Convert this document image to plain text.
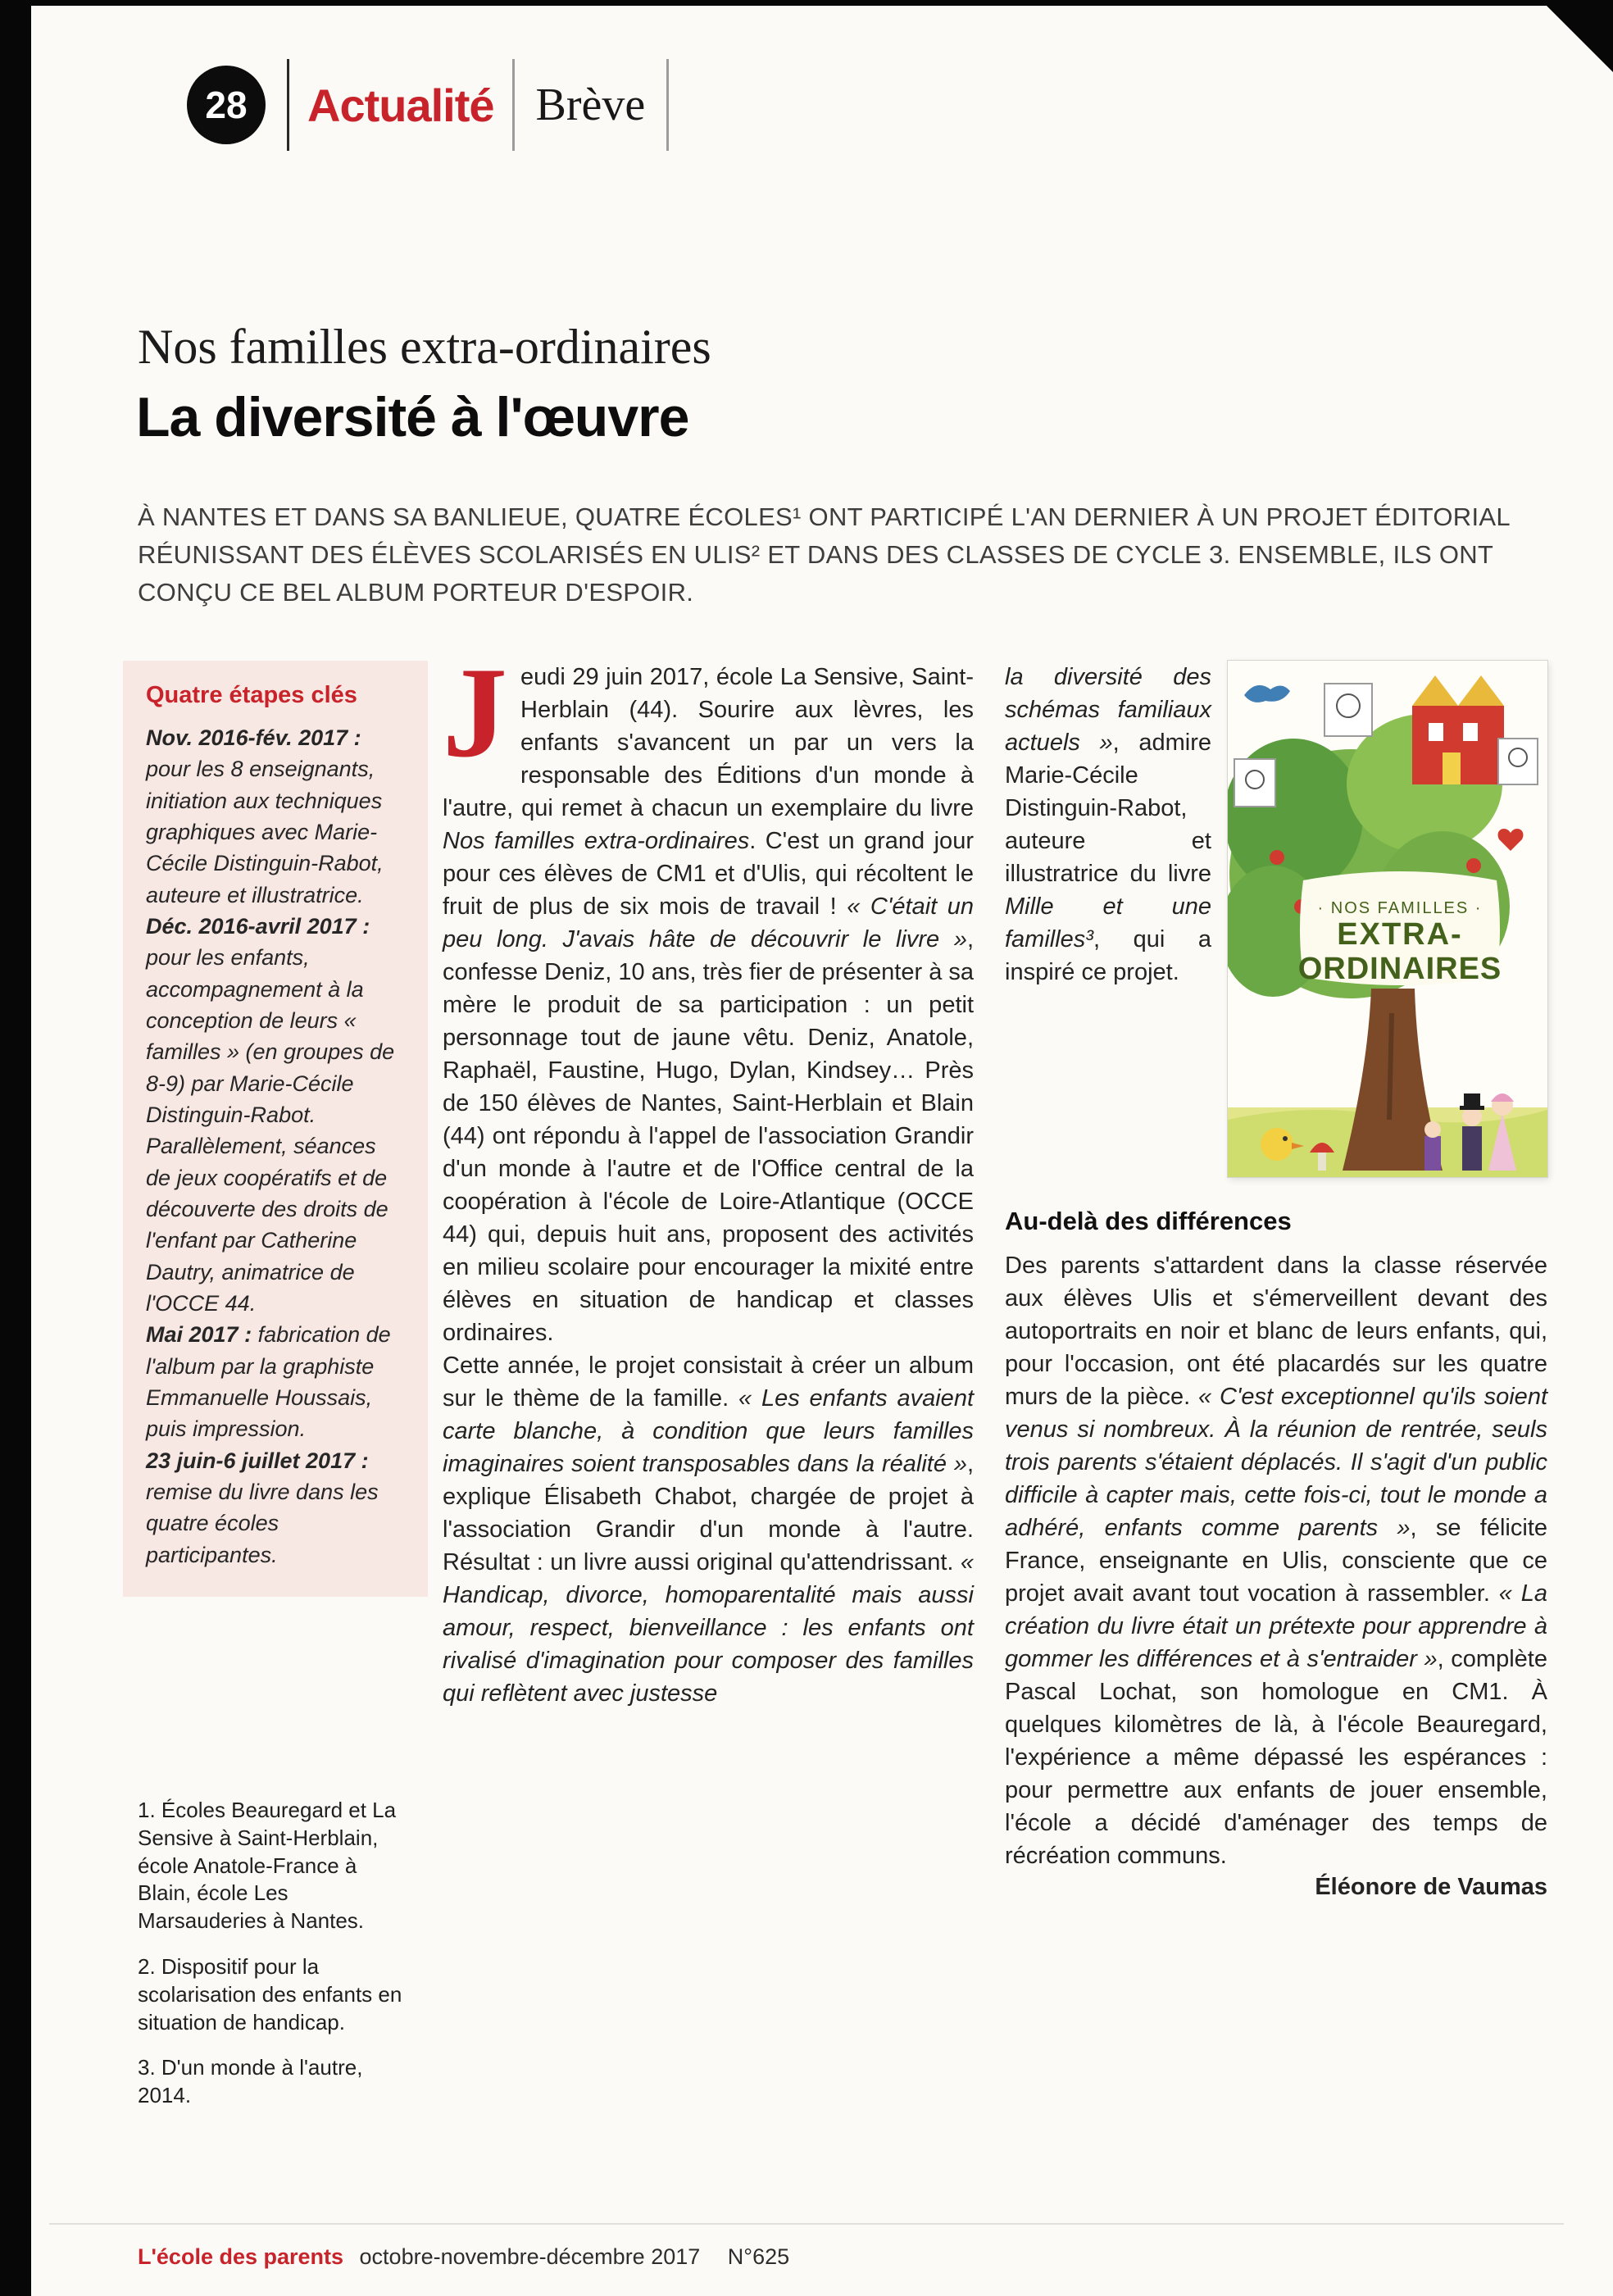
28	Actualité Brève
Nos familles extra-ordinaires
La diversité à l'œuvre

À NANTES ET DANS SA BANLIEUE, QUATRE ÉCOLES¹ ONT PARTICIPÉ L'AN DERNIER À UN PROJET ÉDITORIAL RÉUNISSANT DES ÉLÈVES SCOLARISÉS EN ULIS² ET DANS DES CLASSES DE CYCLE 3. ENSEMBLE, ILS ONT CONÇU CE BEL ALBUM PORTEUR D'ESPOIR.

Quatre étapes clés

Nov. 2016-fév. 2017 : pour les 8 enseignants, initiation aux techniques graphiques avec Marie-Cécile Distinguin-Rabot, auteure et illustratrice.

Déc. 2016-avril 2017 : pour les enfants, accompagnement à la conception de leurs « familles » (en groupes de 8-9) par Marie-Cécile Distinguin-Rabot. Parallèlement, séances de jeux coopératifs et de découverte des droits de l'enfant par Catherine Dautry, animatrice de l'OCCE 44.

Mai 2017 : fabrication de l'album par la graphiste Emmanuelle Houssais, puis impression.

23 juin-6 juillet 2017 : remise du livre dans les quatre écoles participantes.

1. Écoles Beauregard et La Sensive à Saint-Herblain, école Anatole-France à Blain, école Les Marsauderies à Nantes.

2. Dispositif pour la scolarisation des enfants en situation de handicap.

3. D'un monde à l'autre, 2014.

Jeudi 29 juin 2017, école La Sensive, Saint-Herblain (44). Sourire aux lèvres, les enfants s'avancent un par un vers la responsable des Éditions d'un monde à l'autre, qui remet à chacun un exemplaire du livre Nos familles extra-ordinaires. C'est un grand jour pour ces élèves de CM1 et d'Ulis, qui récoltent le fruit de plus de six mois de travail ! « C'était un peu long. J'avais hâte de découvrir le livre », confesse Deniz, 10 ans, très fier de présenter à sa mère le produit de sa participation : un petit personnage tout de jaune vêtu. Deniz, Anatole, Raphaël, Faustine, Hugo, Dylan, Kindsey… Près de 150 élèves de Nantes, Saint-Herblain et Blain (44) ont répondu à l'appel de l'association Grandir d'un monde à l'autre et de l'Office central de la coopération à l'école de Loire-Atlantique (OCCE 44) qui, depuis huit ans, proposent des activités en milieu scolaire pour encourager la mixité entre élèves en situation de handicap et classes ordinaires.

Cette année, le projet consistait à créer un album sur le thème de la famille. « Les enfants avaient carte blanche, à condition que leurs familles imaginaires soient transposables dans la réalité », explique Élisabeth Chabot, chargée de projet à l'association Grandir d'un monde à l'autre. Résultat : un livre aussi original qu'attendrissant. « Handicap, divorce, homoparentalité mais aussi amour, respect, bienveillance : les enfants ont rivalisé d'imagination pour composer des familles qui reflètent avec justesse

la diversité des schémas familiaux actuels », admire Marie-Cécile Distinguin-Rabot, auteure et illustratrice du livre Mille et une familles³, qui a inspiré ce projet.

· NOS FAMILLES ·
EXTRA-
ORDINAIRES
Au-delà des différences

Des parents s'attardent dans la classe réservée aux élèves Ulis et s'émerveillent devant des autoportraits en noir et blanc de leurs enfants, qui, pour l'occasion, ont été placardés sur les quatre murs de la pièce. « C'est exceptionnel qu'ils soient venus si nombreux. À la réunion de rentrée, seuls trois parents s'étaient déplacés. Il s'agit d'un public difficile à capter mais, cette fois-ci, tout le monde a adhéré, enfants comme parents », se félicite France, enseignante en Ulis, consciente que ce projet avait avant tout vocation à rassembler. « La création du livre était un prétexte pour apprendre à gommer les différences et à s'entraider », complète Pascal Lochat, son homologue en CM1. À quelques kilomètres de là, à l'école Beauregard, l'expérience a même dépassé les espérances : pour permettre aux enfants de jouer ensemble, l'école a décidé d'aménager des temps de récréation communs.

Éléonore de Vaumas

L'école des parents octobre-novembre-décembre 2017 N°625
